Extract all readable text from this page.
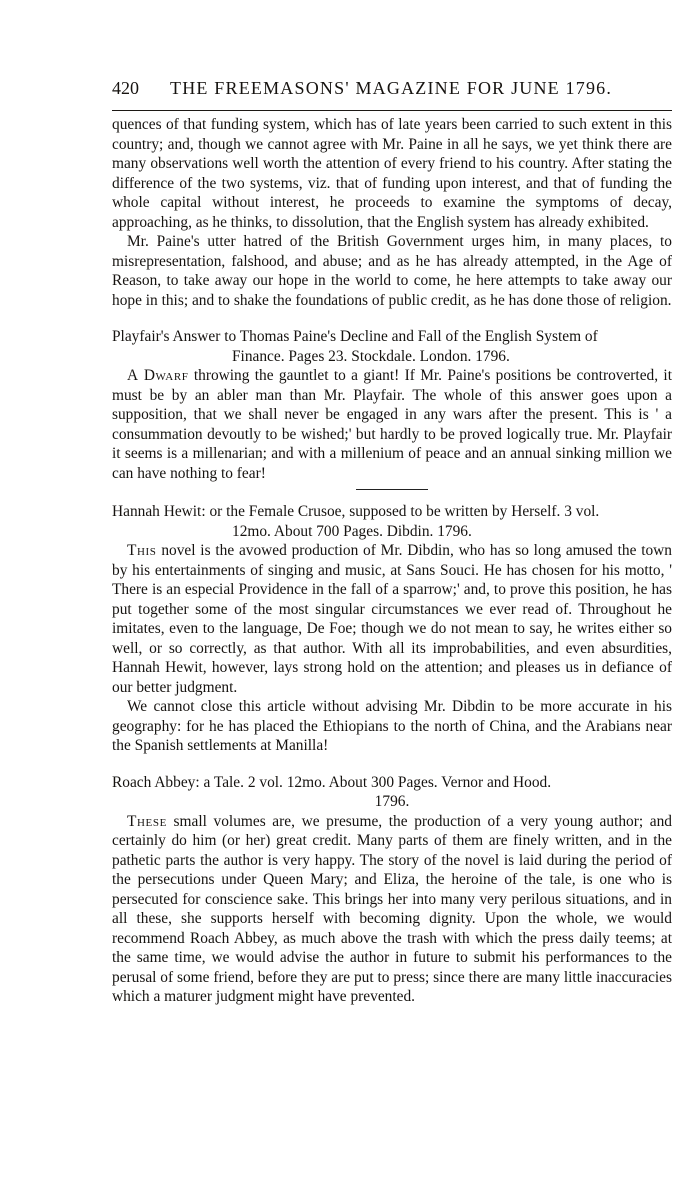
420 THE FREEMASONS' MAGAZINE FOR JUNE 1796.

quences of that funding system, which has of late years been carried to such extent in this country; and, though we cannot agree with Mr. Paine in all he says, we yet think there are many observations well worth the attention of every friend to his country. After stating the difference of the two systems, viz. that of funding upon interest, and that of funding the whole capital without interest, he proceeds to examine the symptoms of decay, approaching, as he thinks, to dissolution, that the English system has already exhibited.

Mr. Paine's utter hatred of the British Government urges him, in many places, to misrepresentation, falshood, and abuse; and as he has already attempted, in the Age of Reason, to take away our hope in the world to come, he here attempts to take away our hope in this; and to shake the foundations of public credit, as he has done those of religion.

Playfair's Answer to Thomas Paine's Decline and Fall of the English System of
Finance. Pages 23. Stockdale. London. 1796.

A Dwarf throwing the gauntlet to a giant! If Mr. Paine's positions be controverted, it must be by an abler man than Mr. Playfair. The whole of this answer goes upon a supposition, that we shall never be engaged in any wars after the present. This is ' a consummation devoutly to be wished;' but hardly to be proved logically true. Mr. Playfair it seems is a millenarian; and with a millenium of peace and an annual sinking million we can have nothing to fear!

Hannah Hewit: or the Female Crusoe, supposed to be written by Herself. 3 vol.
12mo. About 700 Pages. Dibdin. 1796.

This novel is the avowed production of Mr. Dibdin, who has so long amused the town by his entertainments of singing and music, at Sans Souci. He has chosen for his motto, ' There is an especial Providence in the fall of a sparrow;' and, to prove this position, he has put together some of the most singular circumstances we ever read of. Throughout he imitates, even to the language, De Foe; though we do not mean to say, he writes either so well, or so correctly, as that author. With all its improbabilities, and even absurdities, Hannah Hewit, however, lays strong hold on the attention; and pleases us in defiance of our better judgment.

We cannot close this article without advising Mr. Dibdin to be more accurate in his geography: for he has placed the Ethiopians to the north of China, and the Arabians near the Spanish settlements at Manilla!

Roach Abbey: a Tale. 2 vol. 12mo. About 300 Pages. Vernor and Hood.
1796.

These small volumes are, we presume, the production of a very young author; and certainly do him (or her) great credit. Many parts of them are finely written, and in the pathetic parts the author is very happy. The story of the novel is laid during the period of the persecutions under Queen Mary; and Eliza, the heroine of the tale, is one who is persecuted for conscience sake. This brings her into many very perilous situations, and in all these, she supports herself with becoming dignity. Upon the whole, we would recommend Roach Abbey, as much above the trash with which the press daily teems; at the same time, we would advise the author in future to submit his performances to the perusal of some friend, before they are put to press; since there are many little inaccuracies which a maturer judgment might have prevented.
